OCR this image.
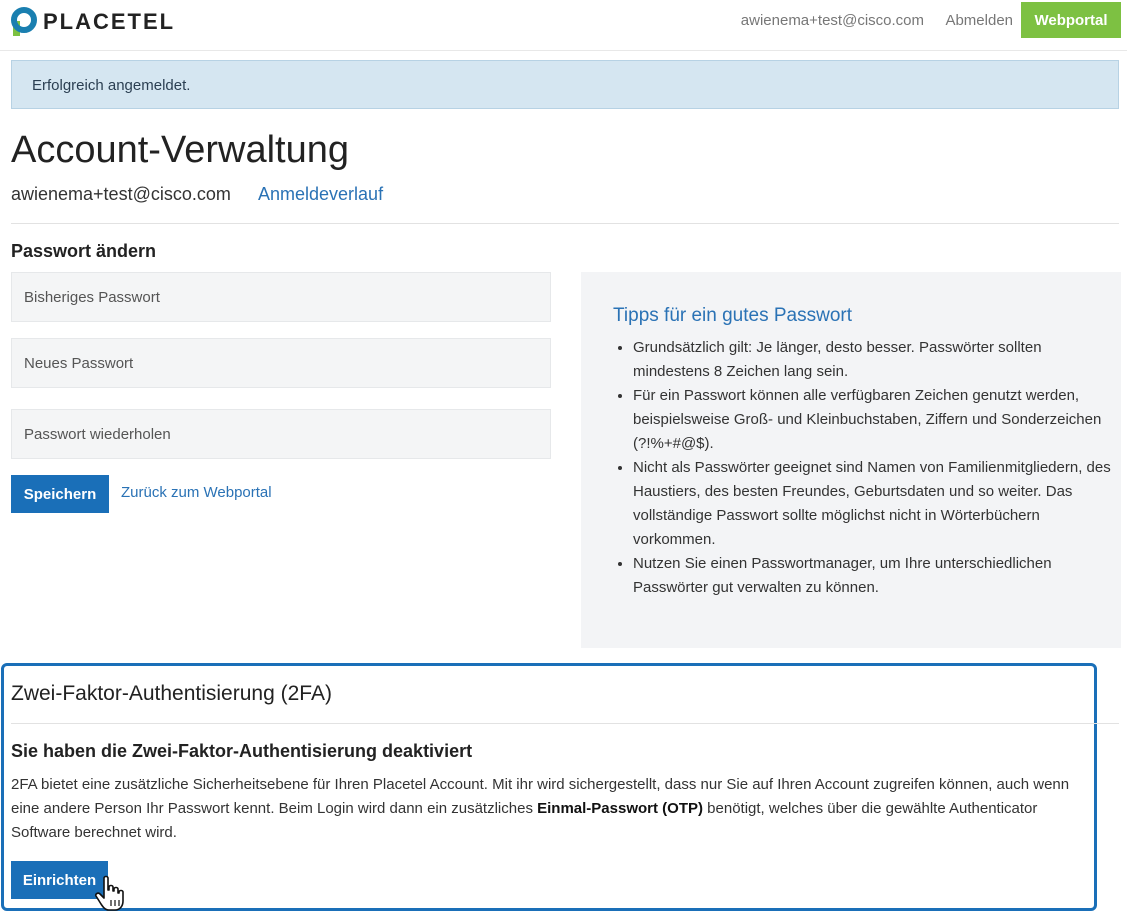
PLACETEL	awienema+test@cisco.com Abmelden	Webportal
Erfolgreich angemeldet.
Account-Verwaltung
awienema+test@cisco.com Anmeldeverlauf
Passwort ändern
Speichern	Zurück zum Webportal
Tipps für ein gutes Passwort
• Grundsätzlich gilt: Je länger, desto besser. Passwörter sollten mindestens 8 Zeichen lang sein.
• Für ein Passwort können alle verfügbaren Zeichen genutzt werden, beispielsweise Groß- und Kleinbuchstaben, Ziffern und Sonderzeichen (?!%+#@$).
• Nicht als Passwörter geeignet sind Namen von Familienmitgliedern, des Haustiers, des besten Freundes, Geburtsdaten und so weiter. Das vollständige Passwort sollte möglichst nicht in Wörterbüchern vorkommen.
• Nutzen Sie einen Passwortmanager, um Ihre unterschiedlichen Passwörter gut verwalten zu können.
Zwei-Faktor-Authentisierung (2FA)
Sie haben die Zwei-Faktor-Authentisierung deaktiviert
2FA bietet eine zusätzliche Sicherheitsebene für Ihren Placetel Account. Mit ihr wird sichergestellt, dass nur Sie auf Ihren Account zugreifen können, auch wenn eine andere Person Ihr Passwort kennt. Beim Login wird dann ein zusätzliches Einmal-Passwort (OTP) benötigt, welches über die gewählte Authenticator Software berechnet wird.
Einrichten
